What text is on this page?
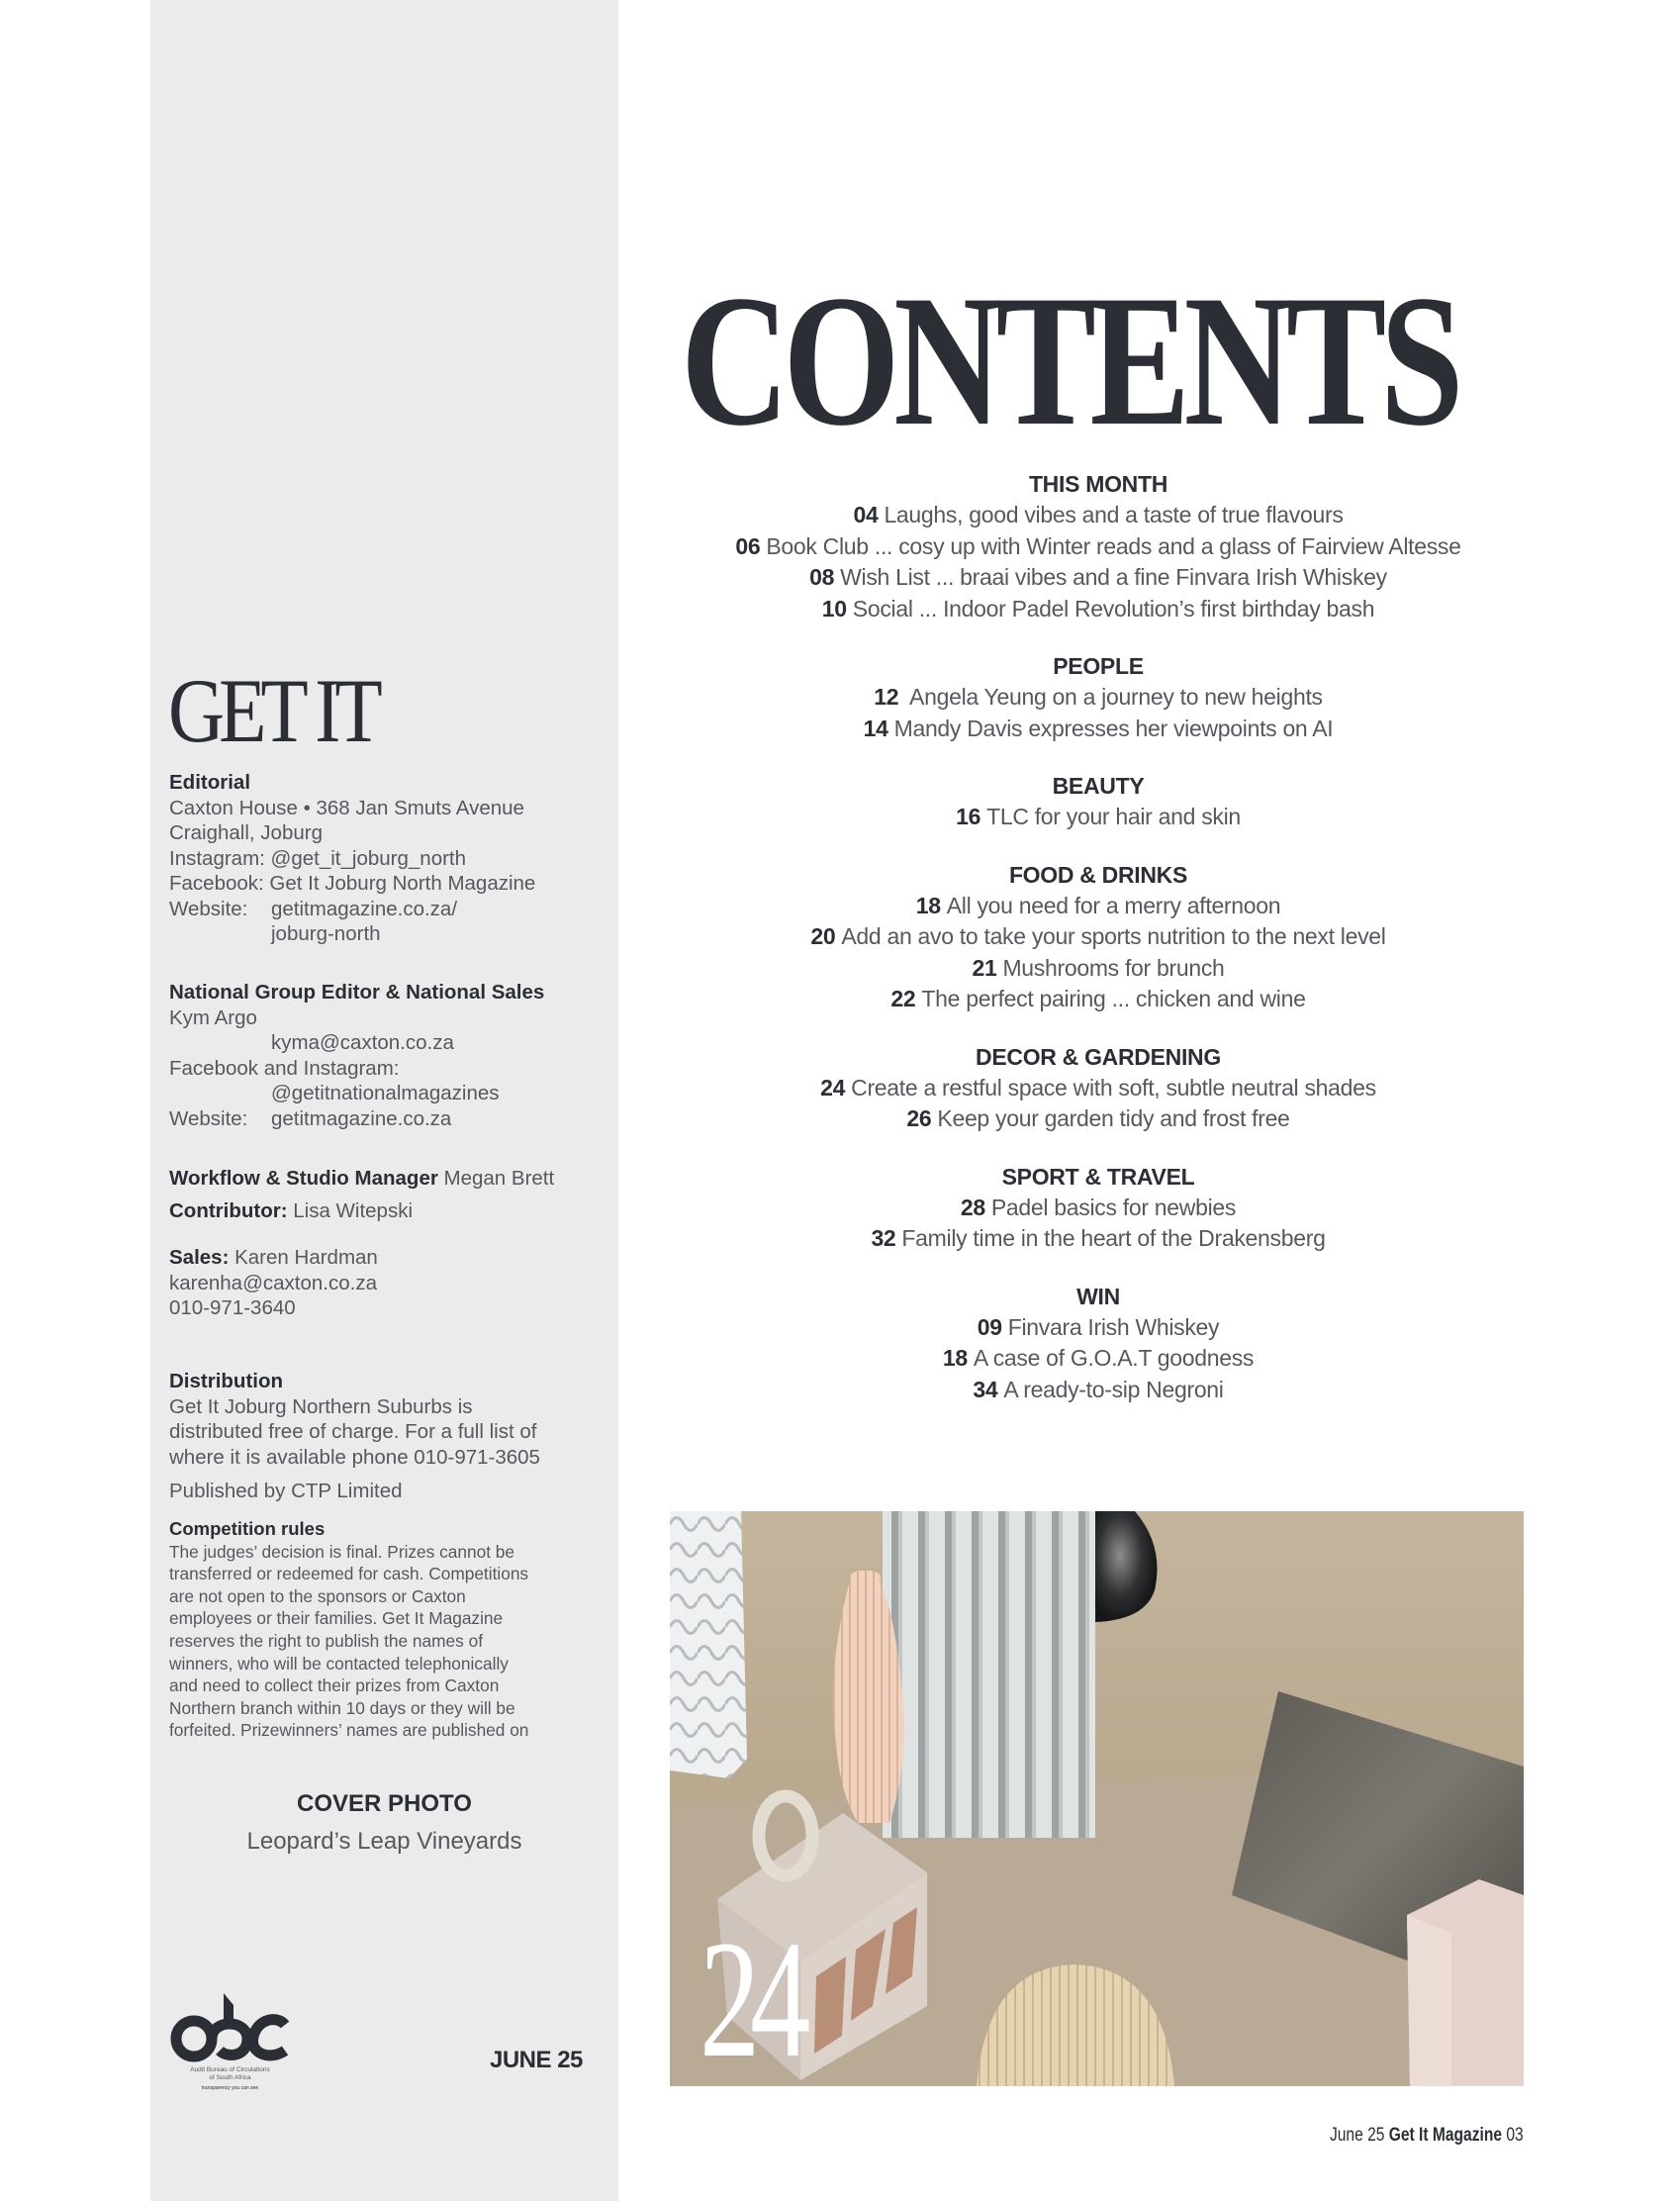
GET IT

Editorial

Caxton House • 368 Jan Smuts Avenue

Craighall, Joburg

Instagram: @get_it_joburg_north

Facebook: Get It Joburg North Magazine

Website:	getitmagazine.co.za/

joburg-north

National Group Editor & National Sales

Kym Argo

kyma@caxton.co.za

Facebook and Instagram:

@getitnationalmagazines

Website:	getitmagazine.co.za

Workflow & Studio Manager Megan Brett

Contributor: Lisa Witepski

Sales: Karen Hardman

karenha@caxton.co.za

010-971-3640

Distribution

Get It Joburg Northern Suburbs is

distributed free of charge. For a full list of

where it is available phone 010-971-3605

Published by CTP Limited

Competition rules

The judges’ decision is final. Prizes cannot be

transferred or redeemed for cash. Competitions

are not open to the sponsors or Caxton

employees or their families. Get It Magazine

reserves the right to publish the names of

winners, who will be contacted telephonically

and need to collect their prizes from Caxton

Northern branch within 10 days or they will be

forfeited. Prizewinners’ names are published on

COVER PHOTO

Leopard’s Leap Vineyards

Audit Bureau of Circulations
of South Africa
transparency you can see
JUNE 25
CONTENTS
THIS MONTH

04 Laughs, good vibes and a taste of true flavours

06 Book Club ... cosy up with Winter reads and a glass of Fairview Altesse

08 Wish List ... braai vibes and a fine Finvara Irish Whiskey

10 Social ... Indoor Padel Revolution’s first birthday bash

PEOPLE

12 Angela Yeung on a journey to new heights

14 Mandy Davis expresses her viewpoints on AI

BEAUTY

16 TLC for your hair and skin

FOOD & DRINKS

18 All you need for a merry afternoon

20 Add an avo to take your sports nutrition to the next level

21 Mushrooms for brunch

22 The perfect pairing ... chicken and wine

DECOR & GARDENING

24 Create a restful space with soft, subtle neutral shades

26 Keep your garden tidy and frost free

SPORT & TRAVEL

28 Padel basics for newbies

32 Family time in the heart of the Drakensberg

WIN

09 Finvara Irish Whiskey

18 A case of G.O.A.T goodness

34 A ready-to-sip Negroni

24
June 25 Get It Magazine 03
